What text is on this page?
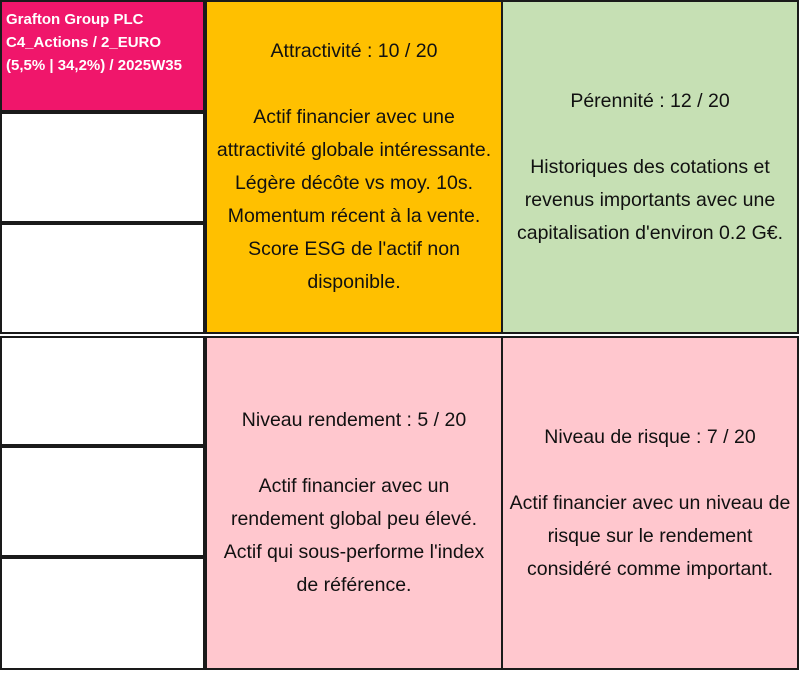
Grafton Group PLC
C4_Actions / 2_EURO
(5,5% | 34,2%) / 2025W35
Attractivité : 10 / 20
Actif financier avec une
attractivité globale intéressante.
Légère décôte vs moy. 10s.
Momentum récent à la vente.
Score ESG de l'actif non
disponible.
Pérennité : 12 / 20
Historiques des cotations et
revenus importants avec une
capitalisation d'environ 0.2 G€.
Niveau rendement : 5 / 20
Actif financier avec un
rendement global peu élevé.
Actif qui sous-performe l'index
de référence.
Niveau de risque : 7 / 20
Actif financier avec un niveau de
risque sur le rendement
considéré comme important.
